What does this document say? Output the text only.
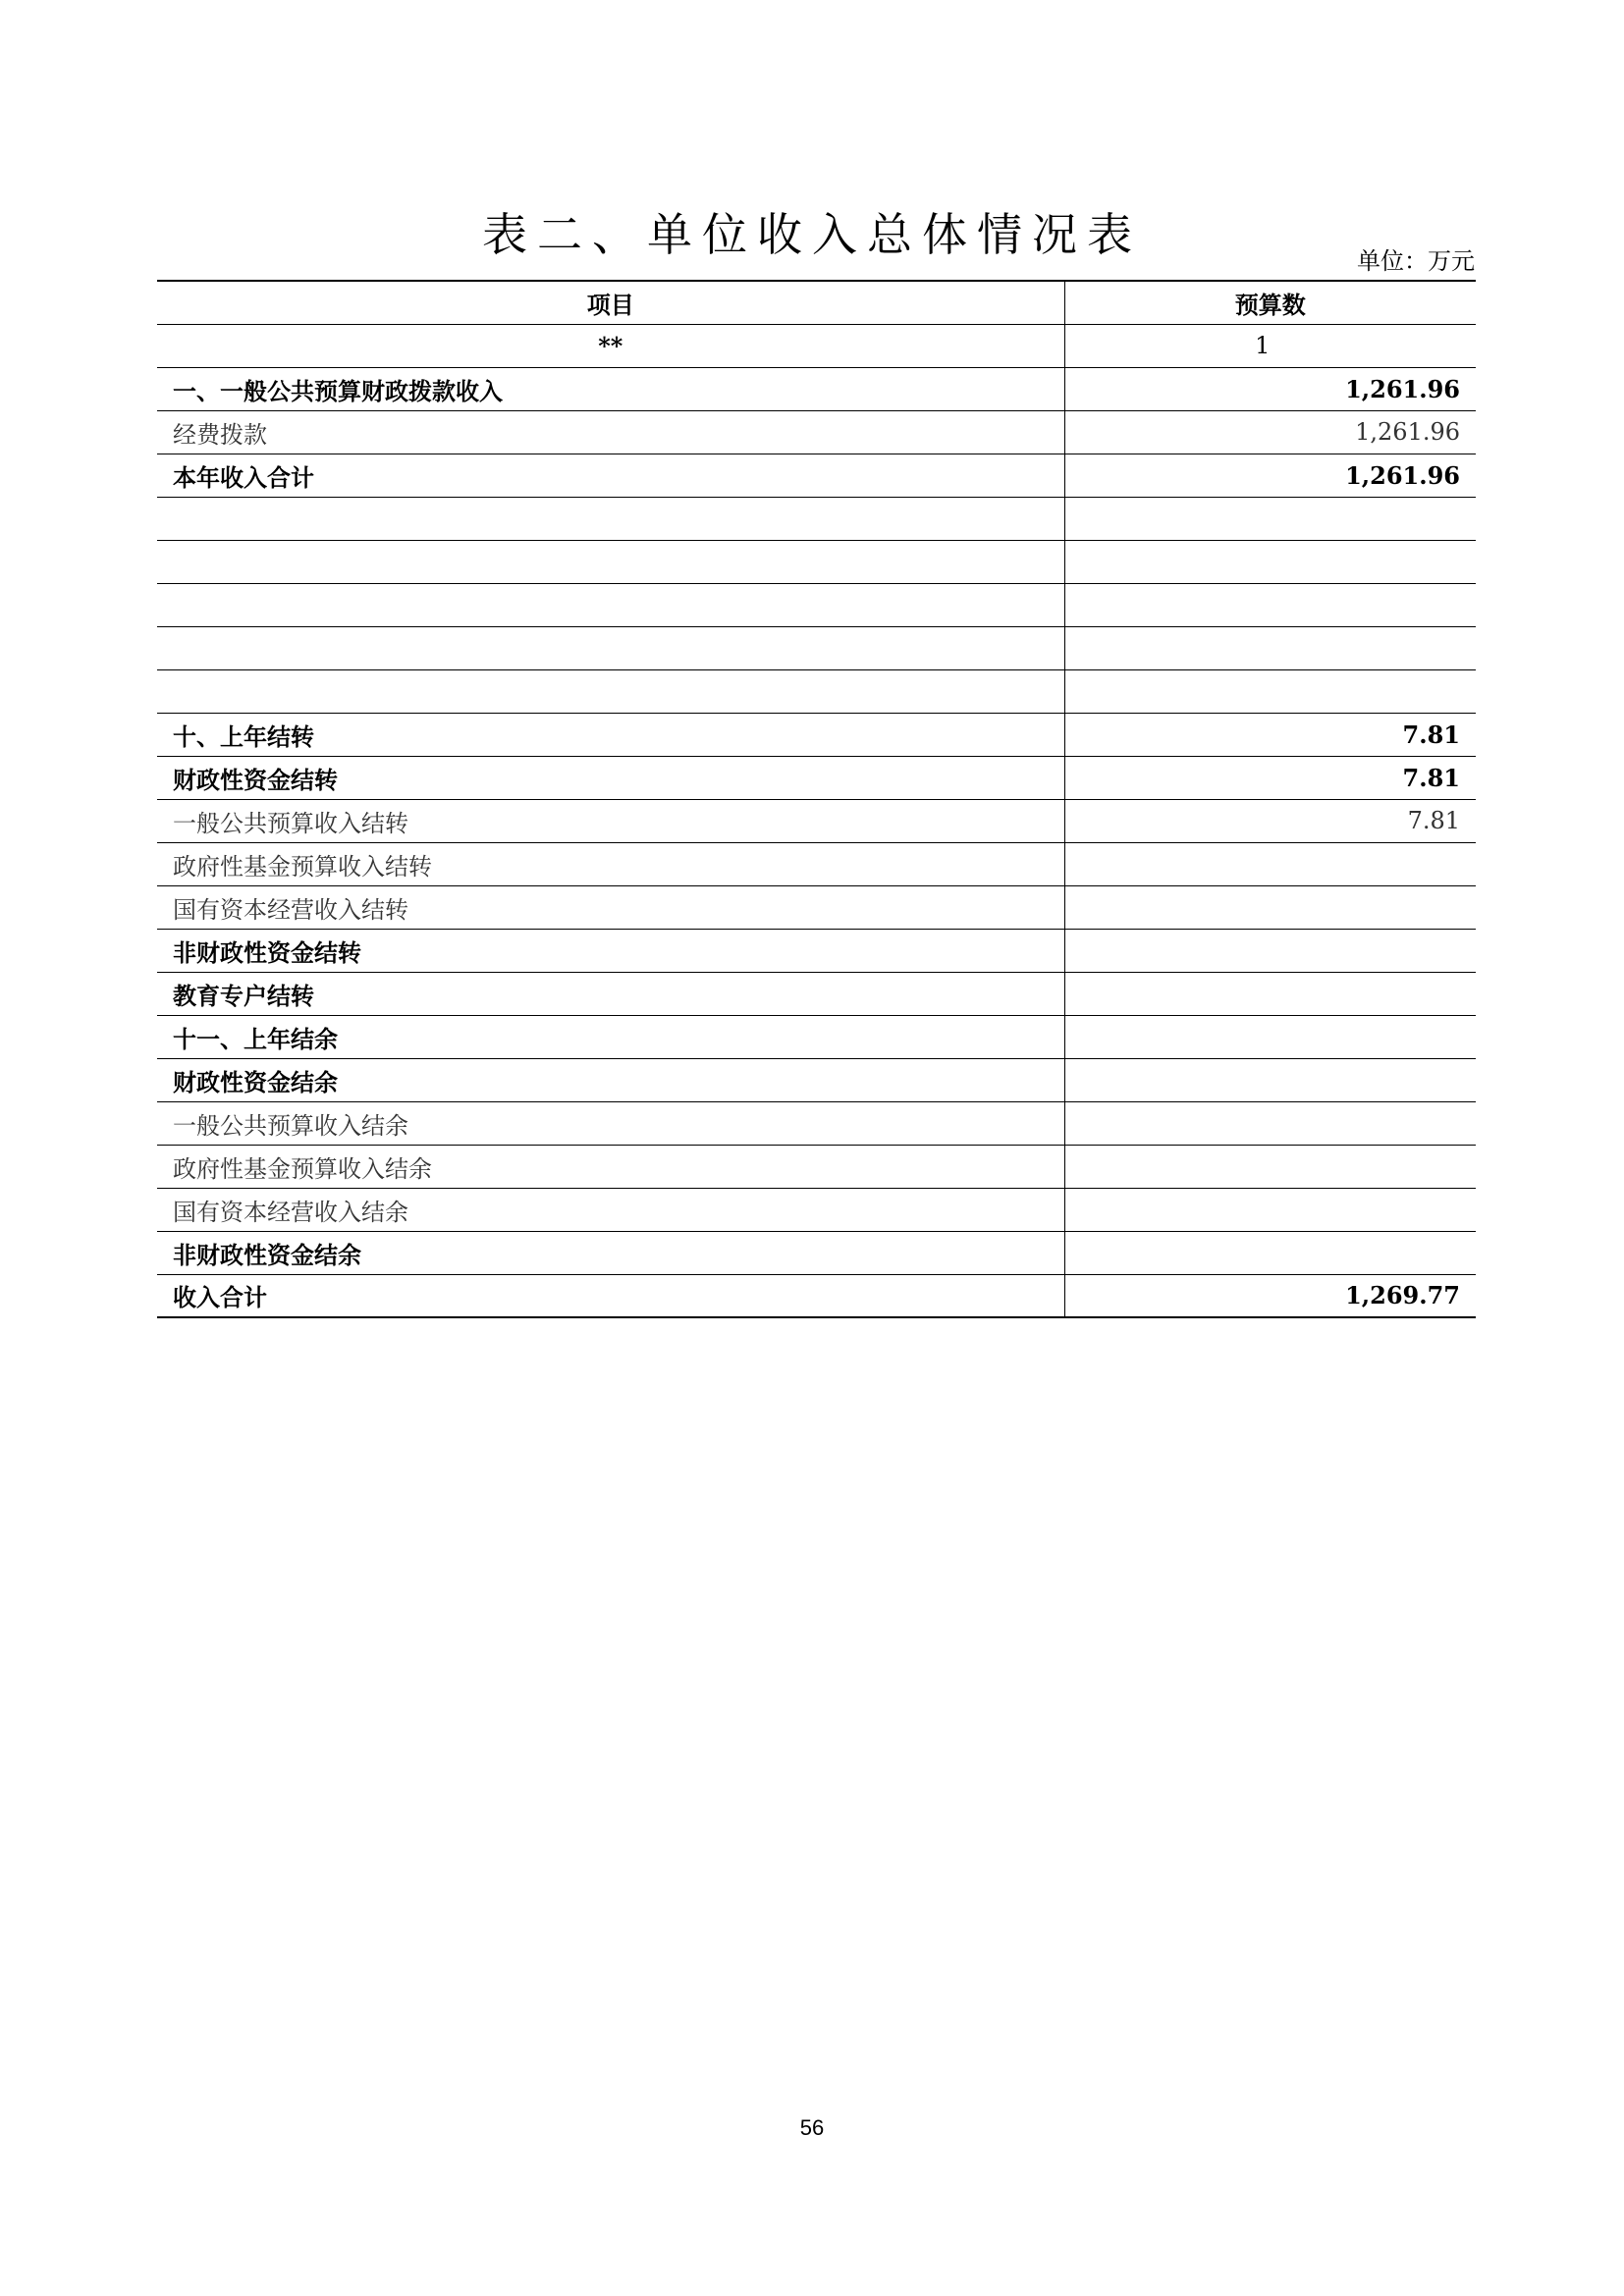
表二、单位收入总体情况表
单位：万元
项目	预算数
**	1
一、一般公共预算财政拨款收入	1,261.96
经费拨款	1,261.96
本年收入合计	1,261.96

十、上年结转	7.81
财政性资金结转	7.81
一般公共预算收入结转	7.81
政府性基金预算收入结转	
国有资本经营收入结转	
非财政性资金结转	
教育专户结转	
十一、上年结余	
财政性资金结余	
一般公共预算收入结余	
政府性基金预算收入结余	
国有资本经营收入结余	
非财政性资金结余	
收入合计	1,269.77
56
